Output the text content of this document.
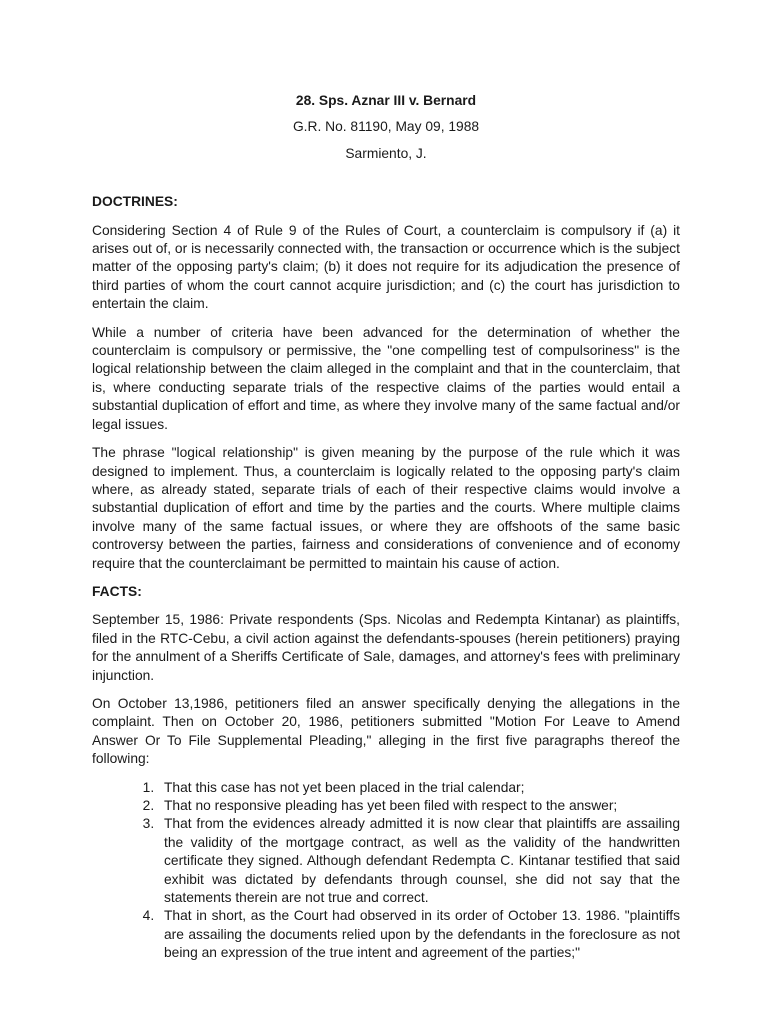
28. Sps. Aznar III v. Bernard
G.R. No. 81190, May 09, 1988
Sarmiento, J.
DOCTRINES:

Considering Section 4 of Rule 9 of the Rules of Court, a counterclaim is compulsory if (a) it arises out of, or is necessarily connected with, the transaction or occurrence which is the subject matter of the opposing party's claim; (b) it does not require for its adjudication the presence of third parties of whom the court cannot acquire jurisdiction; and (c) the court has jurisdiction to entertain the claim.

While a number of criteria have been advanced for the determination of whether the counterclaim is compulsory or permissive, the "one compelling test of compulsoriness" is the logical relationship between the claim alleged in the complaint and that in the counterclaim, that is, where conducting separate trials of the respective claims of the parties would entail a substantial duplication of effort and time, as where they involve many of the same factual and/or legal issues.

The phrase "logical relationship" is given meaning by the purpose of the rule which it was designed to implement. Thus, a counterclaim is logically related to the opposing party's claim where, as already stated, separate trials of each of their respective claims would involve a substantial duplication of effort and time by the parties and the courts. Where multiple claims involve many of the same factual issues, or where they are offshoots of the same basic controversy between the parties, fairness and considerations of convenience and of economy require that the counterclaimant be permitted to maintain his cause of action.

FACTS:

September 15, 1986: Private respondents (Sps. Nicolas and Redempta Kintanar) as plaintiffs, filed in the RTC-Cebu, a civil action against the defendants-spouses (herein petitioners) praying for the annulment of a Sheriffs Certificate of Sale, damages, and attorney's fees with preliminary injunction.

On October 13,1986, petitioners filed an answer specifically denying the allegations in the complaint. Then on October 20, 1986, petitioners submitted "Motion For Leave to Amend Answer Or To File Supplemental Pleading," alleging in the first five paragraphs thereof the following:

1. That this case has not yet been placed in the trial calendar;
2. That no responsive pleading has yet been filed with respect to the answer;
3. That from the evidences already admitted it is now clear that plaintiffs are assailing the validity of the mortgage contract, as well as the validity of the handwritten certificate they signed. Although defendant Redempta C. Kintanar testified that said exhibit was dictated by defendants through counsel, she did not say that the statements therein are not true and correct.
4. That in short, as the Court had observed in its order of October 13. 1986. "plaintiffs are assailing the documents relied upon by the defendants in the foreclosure as not being an expression of the true intent and agreement of the parties;"
